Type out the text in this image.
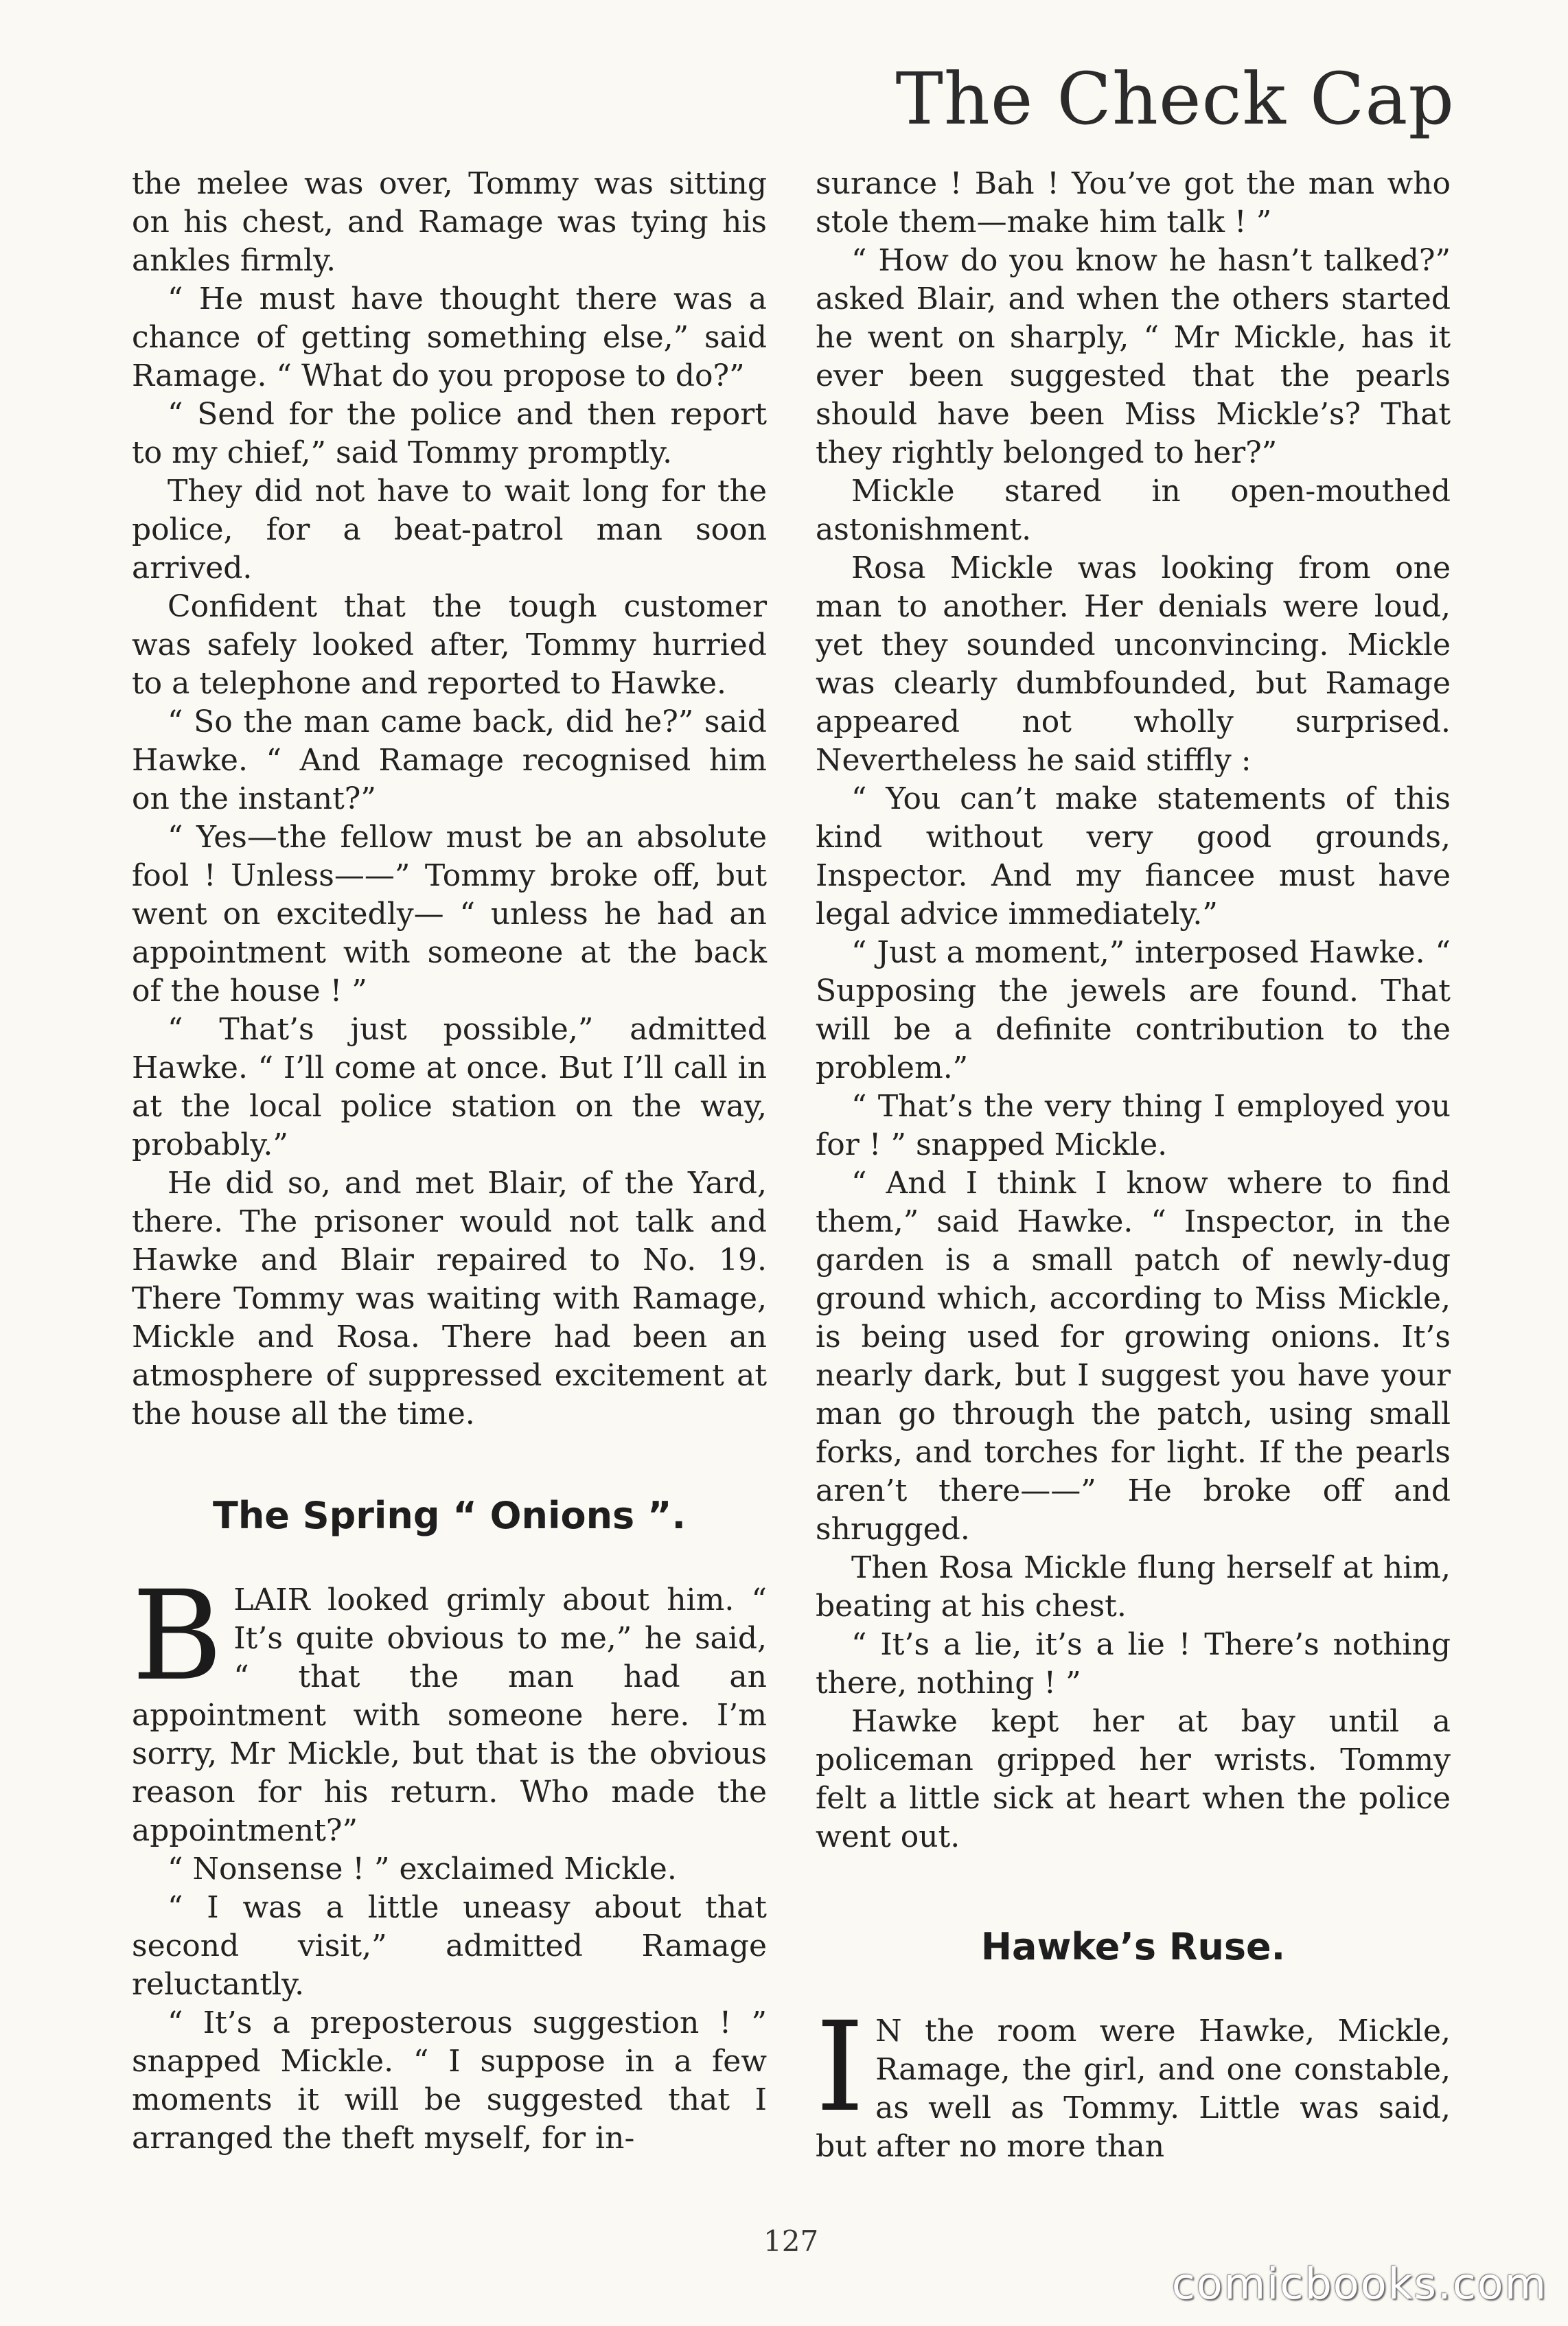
The Check Cap

the melee was over, Tommy was sitting on his chest, and Ramage was tying his ankles firmly.

“ He must have thought there was a chance of getting something else,” said Ramage. “ What do you propose to do?”

“ Send for the police and then report to my chief,” said Tommy promptly.

They did not have to wait long for the police, for a beat-patrol man soon arrived.

Confident that the tough customer was safely looked after, Tommy hurried to a telephone and reported to Hawke.

“ So the man came back, did he?” said Hawke. “ And Ramage recognised him on the instant?”

“ Yes—the fellow must be an absolute fool ! Unless——” Tommy broke off, but went on excitedly— “ unless he had an appointment with someone at the back of the house ! ”

“ That’s just possible,” admitted Hawke. “ I’ll come at once. But I’ll call in at the local police station on the way, probably.”

He did so, and met Blair, of the Yard, there. The prisoner would not talk and Hawke and Blair repaired to No. 19. There Tommy was waiting with Ramage, Mickle and Rosa. There had been an atmosphere of suppressed excitement at the house all the time.

The Spring “ Onions ”.

BLAIR looked grimly about him. “ It’s quite obvious to me,” he said, “ that the man had an appointment with someone here. I’m sorry, Mr Mickle, but that is the obvious reason for his return. Who made the appointment?”

“ Nonsense ! ” exclaimed Mickle.

“ I was a little uneasy about that second visit,” admitted Ramage reluctantly.

“ It’s a preposterous suggestion ! ” snapped Mickle. “ I suppose in a few moments it will be suggested that I arranged the theft myself, for in-

surance ! Bah ! You’ve got the man who stole them—make him talk ! ”

“ How do you know he hasn’t talked?” asked Blair, and when the others started he went on sharply, “ Mr Mickle, has it ever been suggested that the pearls should have been Miss Mickle’s? That they rightly belonged to her?”

Mickle stared in open-mouthed astonishment.

Rosa Mickle was looking from one man to another. Her denials were loud, yet they sounded unconvincing. Mickle was clearly dumbfounded, but Ramage appeared not wholly surprised. Nevertheless he said stiffly :

“ You can’t make statements of this kind without very good grounds, Inspector. And my fiancee must have legal advice immediately.”

“ Just a moment,” interposed Hawke. “ Supposing the jewels are found. That will be a definite contribution to the problem.”

“ That’s the very thing I employed you for ! ” snapped Mickle.

“ And I think I know where to find them,” said Hawke. “ Inspector, in the garden is a small patch of newly-dug ground which, according to Miss Mickle, is being used for growing onions. It’s nearly dark, but I suggest you have your man go through the patch, using small forks, and torches for light. If the pearls aren’t there——” He broke off and shrugged.

Then Rosa Mickle flung herself at him, beating at his chest.

“ It’s a lie, it’s a lie ! There’s nothing there, nothing ! ”

Hawke kept her at bay until a policeman gripped her wrists. Tommy felt a little sick at heart when the police went out.

Hawke’s Ruse.

I N the room were Hawke, Mickle, Ramage, the girl, and one constable, as well as Tommy. Little was said, but after no more than

127
comicbooks.com
